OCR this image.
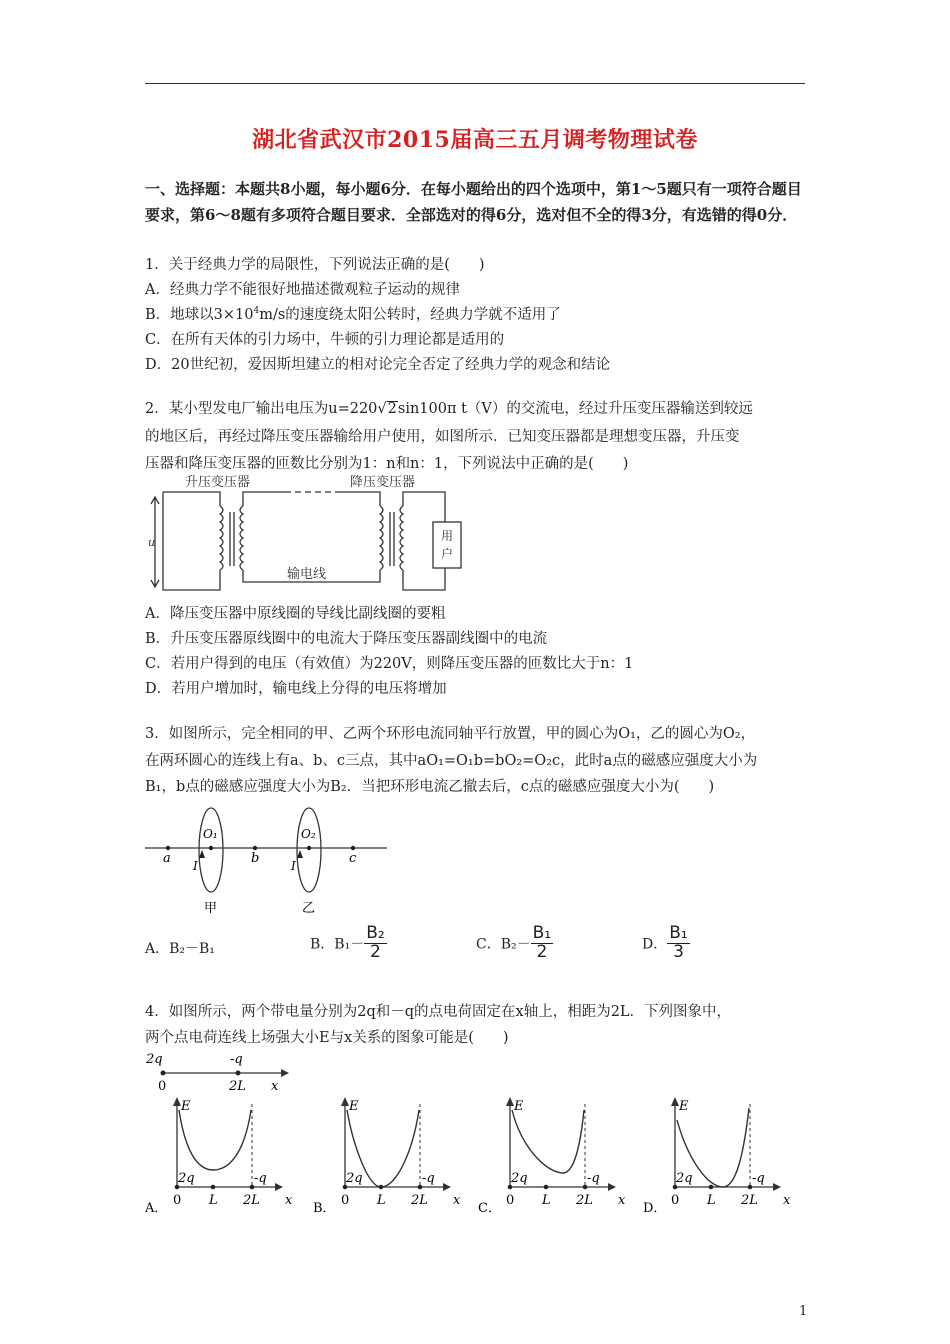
湖北省武汉市2015届高三五月调考物理试卷
一、选择题：本题共8小题，每小题6分．在每小题给出的四个选项中，第1～5题只有一项符合题目要求，第6～8题有多项符合题目要求．全部选对的得6分，选对但不全的得3分，有选错的得0分．
1．关于经典力学的局限性，下列说法正确的是(　　)
A．经典力学不能很好地描述微观粒子运动的规律
B．地球以$3\times 10^4m/s$的速度绕太阳公转时，经典力学就不适用了
C．在所有天体的引力场中，牛顿的引力理论都是适用的
D．20世纪初，爱因斯坦建立的相对论完全否定了经典力学的观念和结论
2．某小型发电厂输出电压为u=220√2sin100π t（V）的交流电，经过升压变压器输送到较远
的地区后，再经过降压变压器输给用户使用，如图所示．已知变压器都是理想变压器，升压变
压器和降压变压器的匝数比分别为1：n和n：1，下列说法中正确的是(　　)
升压变压器	降压变压器
输电线
u	用
户
A．降压变压器中原线圈的导线比副线圈的要粗
B．升压变压器原线圈中的电流大于降压变压器副线圈中的电流
C．若用户得到的电压（有效值）为220V，则降压变压器的匝数比大于n：1
D．若用户增加时，输电线上分得的电压将增加
3．如图所示，完全相同的甲、乙两个环形电流同轴平行放置，甲的圆心为O₁，乙的圆心为O₂，
在两环圆心的连线上有a、b、c三点，其中aO₁=O₁b=bO₂=O₂c，此时a点的磁感应强度大小为
B₁，b点的磁感应强度大小为B₂．当把环形电流乙撤去后，c点的磁感应强度大小为(　　)
a	b	c
O₁	O₂
I	I
甲	乙
A．B₂－B₁	B．$B_1- \frac{\text{B₂}}{2}$	C．$B_2- \frac{\text{B₁}}{2}$	D． $\frac{\text{B₁}}{3}$
4．如图所示，两个带电量分别为2q和－q的点电荷固定在x轴上，相距为2L．下列图象中，
两个点电荷连线上场强大小E与x关系的图象可能是(　　)
2q	-q
0	2L x
A．
E
x
0 L 2L
2q	-q
B．
E
x
0 L 2L
2q	-q
C．
E
x
0 L 2L
2q	-q
D．
E
x
0 L 2L
2q	-q
1
